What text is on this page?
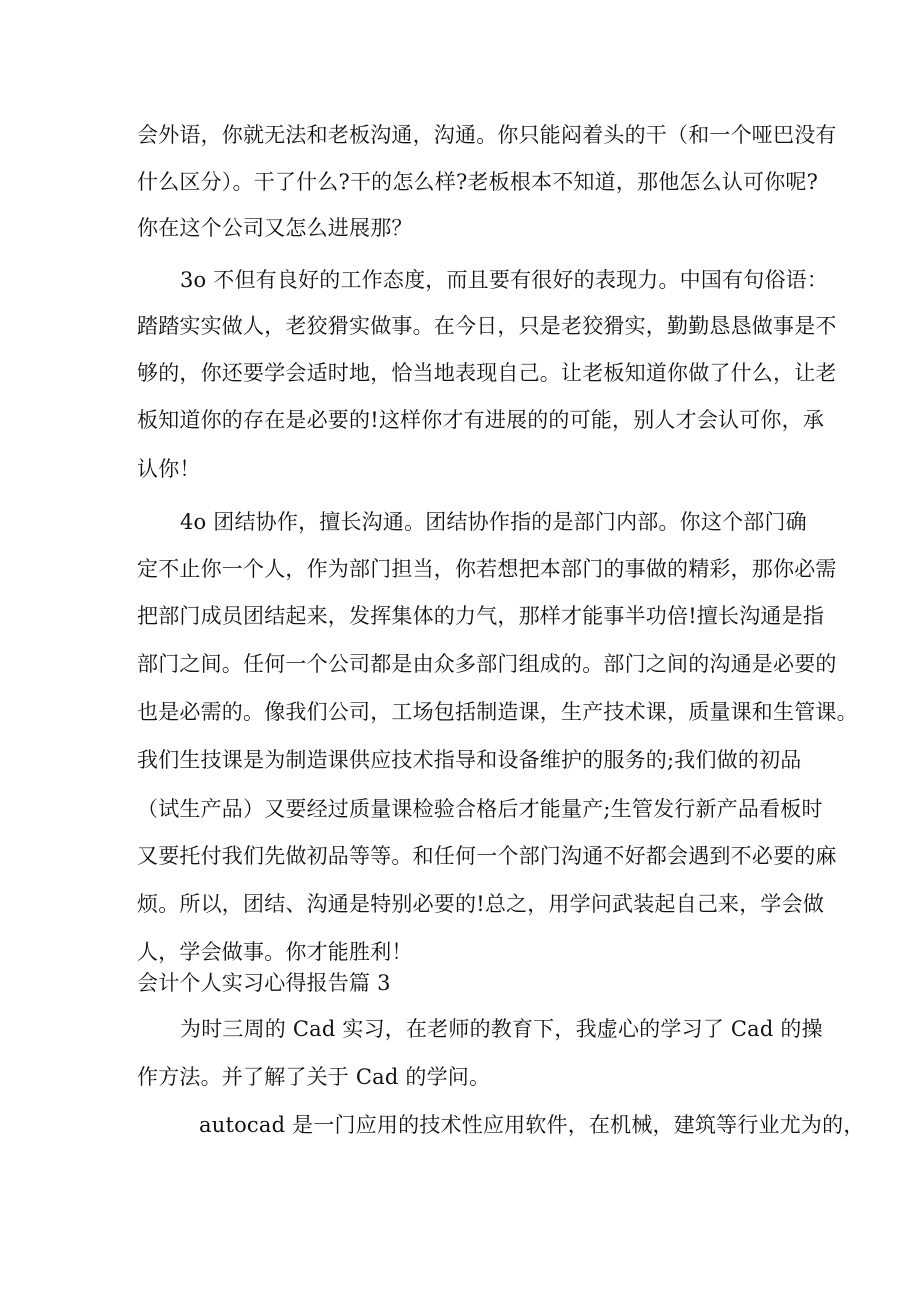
会外语，你就无法和老板沟通，沟通。你只能闷着头的干（和一个哑巴没有
什么区分）。干了什么?干的怎么样?老板根本不知道，那他怎么认可你呢?
你在这个公司又怎么进展那？
3o 不但有良好的工作态度，而且要有很好的表现力。中国有句俗语：
踏踏实实做人，老狡猾实做事。在今日，只是老狡猾实，勤勤恳恳做事是不
够的，你还要学会适时地，恰当地表现自己。让老板知道你做了什么，让老
板知道你的存在是必要的!这样你才有进展的的可能，别人才会认可你，承
认你！
4o 团结协作，擅长沟通。团结协作指的是部门内部。你这个部门确
定不止你一个人，作为部门担当，你若想把本部门的事做的精彩，那你必需
把部门成员团结起来，发挥集体的力气，那样才能事半功倍!擅长沟通是指
部门之间。任何一个公司都是由众多部门组成的。部门之间的沟通是必要的
也是必需的。像我们公司，工场包括制造课，生产技术课，质量课和生管课。
我们生技课是为制造课供应技术指导和设备维护的服务的;我们做的初品
（试生产品）又要经过质量课检验合格后才能量产;生管发行新产品看板时
又要托付我们先做初品等等。和任何一个部门沟通不好都会遇到不必要的麻
烦。所以，团结、沟通是特别必要的!总之，用学问武装起自己来，学会做
人，学会做事。你才能胜利！
会计个人实习心得报告篇 3
为时三周的 Cad 实习，在老师的教育下，我虚心的学习了 Cad 的操
作方法。并了解了关于 Cad 的学问。
autocad 是一门应用的技术性应用软件，在机械，建筑等行业尤为的，
